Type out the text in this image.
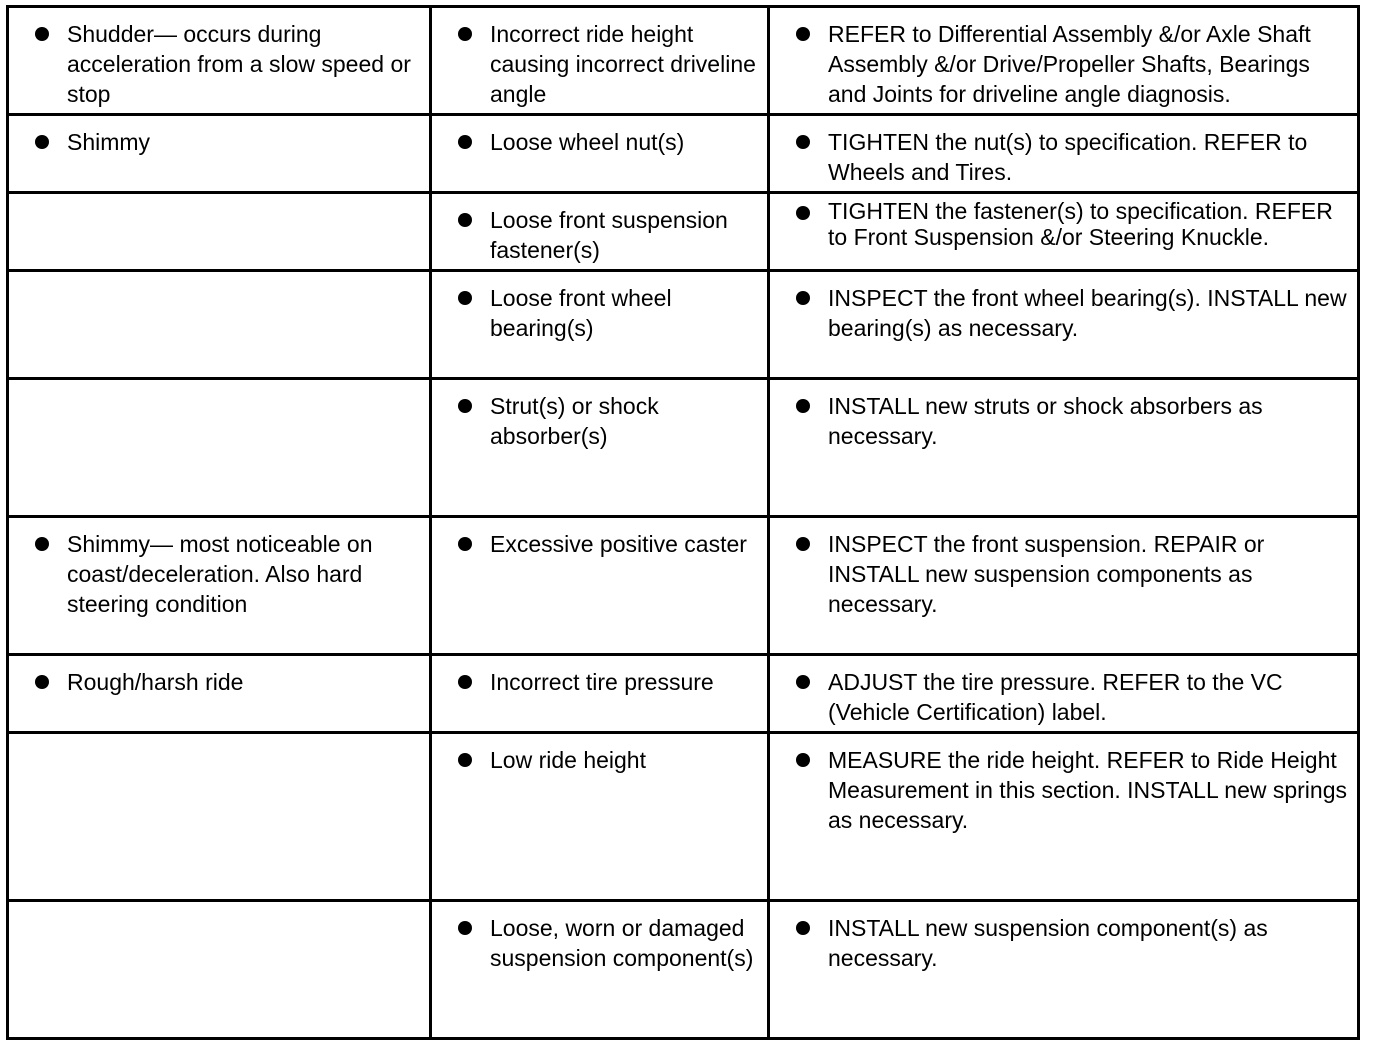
Shudder— occurs during acceleration from a slow speed or stop	Incorrect ride height causing incorrect driveline angle	REFER to Differential Assembly &/or Axle Shaft Assembly &/or Drive/Propeller Shafts, Bearings and Joints for driveline angle diagnosis.

Shimmy	Loose wheel nut(s)	TIGHTEN the nut(s) to specification. REFER to Wheels and Tires.

	Loose front suspension fastener(s)	TIGHTEN the fastener(s) to specification. REFER to Front Suspension &/or Steering Knuckle.

	Loose front wheel bearing(s)	INSPECT the front wheel bearing(s). INSTALL new bearing(s) as necessary.

	Strut(s) or shock absorber(s)	INSTALL new struts or shock absorbers as necessary.

Shimmy— most noticeable on coast/deceleration. Also hard steering condition	Excessive positive caster	INSPECT the front suspension. REPAIR or INSTALL new suspension components as necessary.

Rough/harsh ride	Incorrect tire pressure	ADJUST the tire pressure. REFER to the VC (Vehicle Certification) label.

	Low ride height	MEASURE the ride height. REFER to Ride Height Measurement in this section. INSTALL new springs as necessary.

	Loose, worn or damaged suspension component(s)	INSTALL new suspension component(s) as necessary.
